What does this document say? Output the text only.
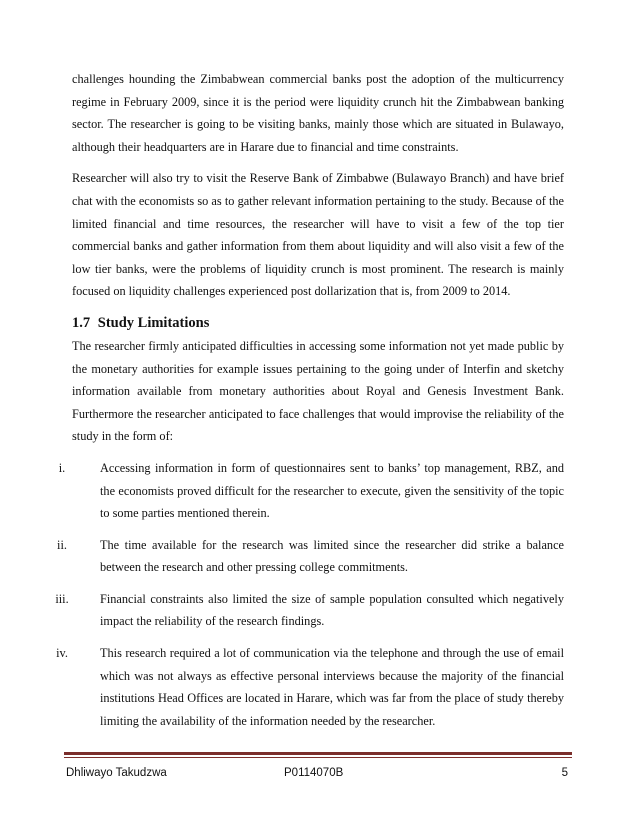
challenges hounding the Zimbabwean commercial banks post the adoption of the multicurrency regime in February 2009, since it is the period were liquidity crunch hit the Zimbabwean banking sector. The researcher is going to be visiting banks, mainly those which are situated in Bulawayo, although their headquarters are in Harare due to financial and time constraints.

Researcher will also try to visit the Reserve Bank of Zimbabwe (Bulawayo Branch) and have brief chat with the economists so as to gather relevant information pertaining to the study. Because of the limited financial and time resources, the researcher will have to visit a few of the top tier commercial banks and gather information from them about liquidity and will also visit a few of the low tier banks, were the problems of liquidity crunch is most prominent. The research is mainly focused on liquidity challenges experienced post dollarization that is, from 2009 to 2014.

1.7 Study Limitations

The researcher firmly anticipated difficulties in accessing some information not yet made public by the monetary authorities for example issues pertaining to the going under of Interfin and sketchy information available from monetary authorities about Royal and Genesis Investment Bank. Furthermore the researcher anticipated to face challenges that would improvise the reliability of the study in the form of:

i.	Accessing information in form of questionnaires sent to banks’ top management, RBZ, and the economists proved difficult for the researcher to execute, given the sensitivity of the topic to some parties mentioned therein.
ii.	The time available for the research was limited since the researcher did strike a balance between the research and other pressing college commitments.
iii.	Financial constraints also limited the size of sample population consulted which negatively impact the reliability of the research findings.
iv.	This research required a lot of communication via the telephone and through the use of email which was not always as effective personal interviews because the majority of the financial institutions Head Offices are located in Harare, which was far from the place of study thereby limiting the availability of the information needed by the researcher.
Dhliwayo Takudzwa	P0114070B	5
